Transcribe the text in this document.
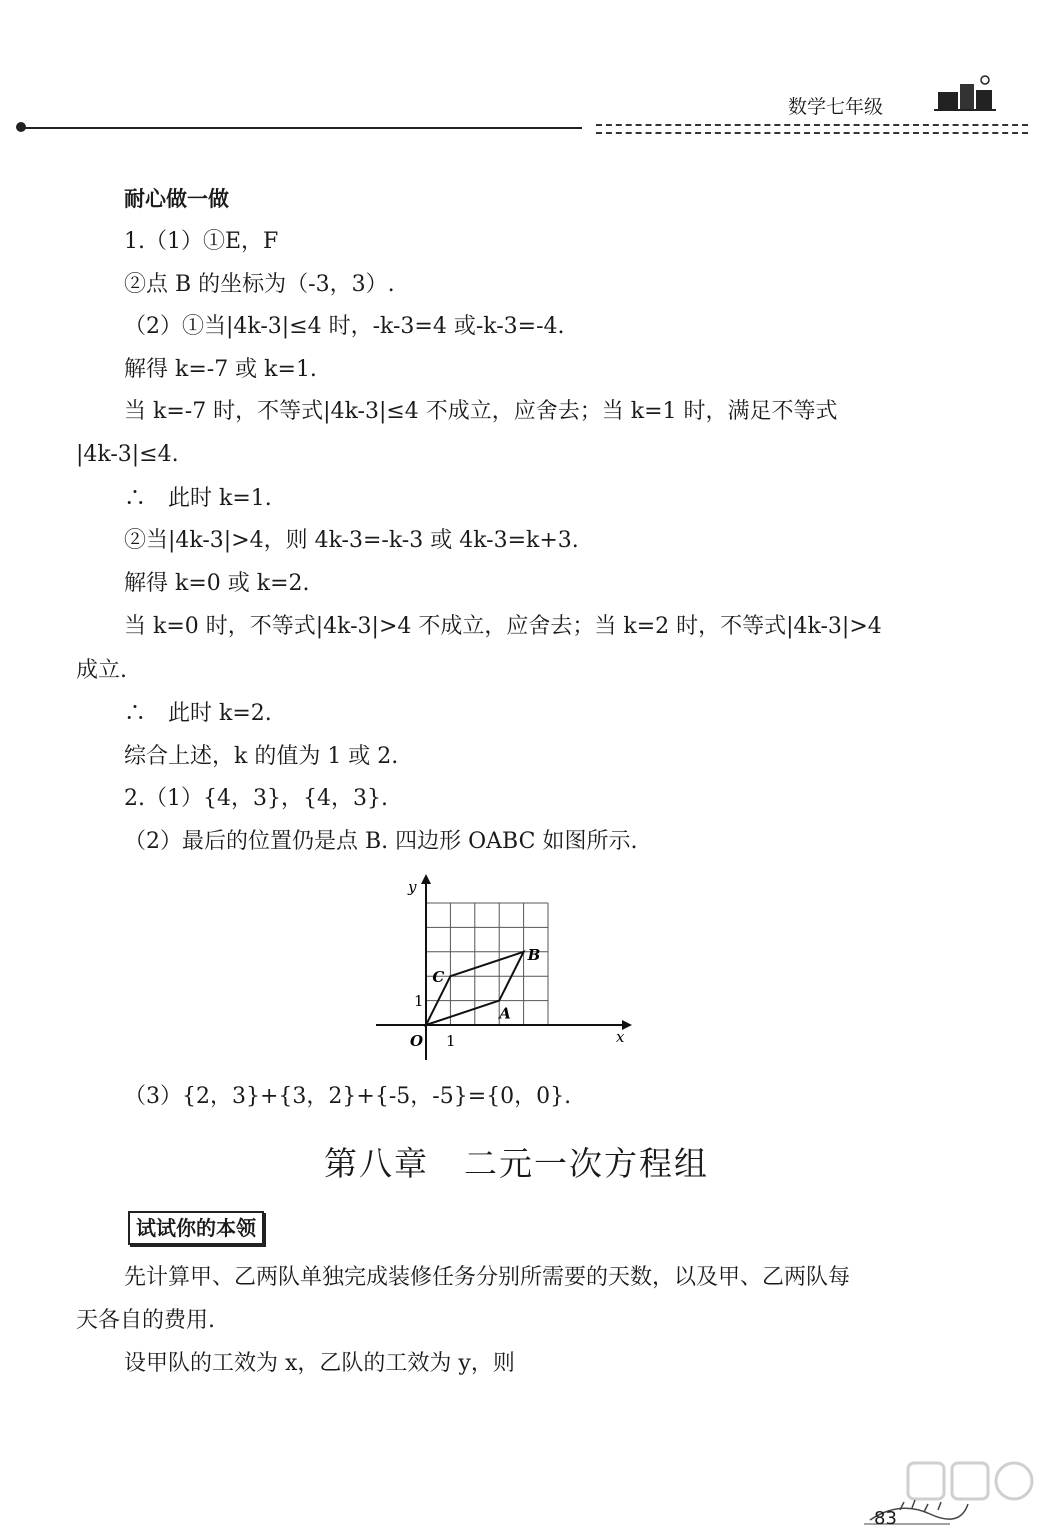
数学七年级
耐心做一做
1.（1）①E，F
②点 B 的坐标为（-3，3）.
（2）①当|4k-3|≤4 时，-k-3=4 或-k-3=-4.
解得 k=-7 或 k=1.
当 k=-7 时，不等式|4k-3|≤4 不成立，应舍去；当 k=1 时，满足不等式
|4k-3|≤4.
∴　此时 k=1.
②当|4k-3|>4，则 4k-3=-k-3 或 4k-3=k+3.
解得 k=0 或 k=2.
当 k=0 时，不等式|4k-3|>4 不成立，应舍去；当 k=2 时，不等式|4k-3|>4
成立.
∴　此时 k=2.
综合上述，k 的值为 1 或 2.
2.（1）{4，3}，{4，3}.
（2）最后的位置仍是点 B. 四边形 OABC 如图所示.
x
y
O 1
1
A
B
C
（3）{2，3}+{3，2}+{-5，-5}={0，0}.
第八章　二元一次方程组
试试你的本领
先计算甲、乙两队单独完成装修任务分别所需要的天数，以及甲、乙两队每
天各自的费用.
设甲队的工效为 x，乙队的工效为 y，则
83
